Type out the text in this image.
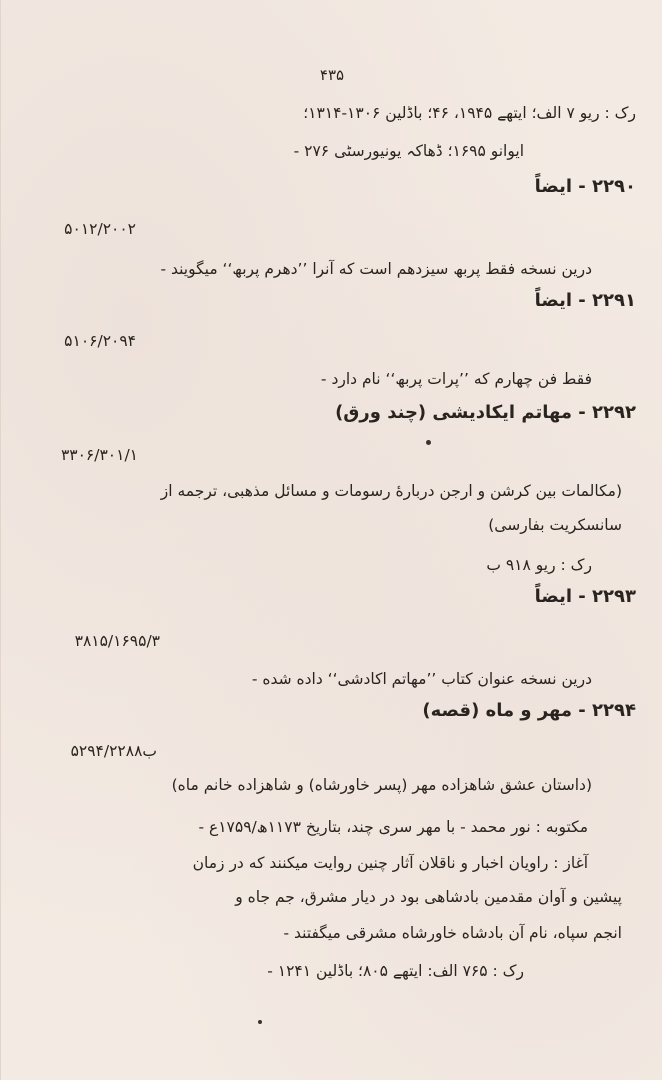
۴۳۵
رک : ریو ۷ الف؛ ایتھے ۱۹۴۵، ۴۶؛ باڈلین ۱۳۰۶-۱۳۱۴؛
ایوانو ۱۶۹۵؛ ڈھاکہ یونیورسٹی ۲۷۶ -
۲۲۹۰ - ایضاً
۵۰۱۲/۲۰۰۲
درین نسخه فقط پربھ سیزدھم است که آنرا ’’دھرم پربھ‘‘ میگویند -
۲۲۹۱ - ایضاً
۵۱۰۶/۲۰۹۴
فقط فن چھارم که ’’پرات پربھ‘‘ نام دارد -
۲۲۹۲ - مھاتم ایکادیشی (چند ورق)
۳۳۰۶/۳۰۱/۱
(مکالمات بین کرشن و ارجن دربارهٔ رسومات و مسائل مذھبی، ترجمه از
سانسکریت بفارسی)
رک : ریو ۹۱۸ ب
۲۲۹۳ - ایضاً
۳۸۱۵/۱۶۹۵/۳
درین نسخه عنوان کتاب ’’مھاتم اکادشی‘‘ داده شده -
۲۲۹۴ - مھر و ماه (قصه)
۵۲۹۴/۲۲۸۸ب
(داستان عشق شاھزاده مھر (پسر خاورشاه) و شاھزاده خانم ماه)
مکتوبه : نور محمد - با مھر سری چند، بتاریخ ۱۱۷۳ھ/۱۷۵۹ع -
آغاز : راویان اخبار و ناقلان آثار چنین روایت میکنند که در زمان
پیشین و آوان مقدمین بادشاھی بود در دیار مشرق، جم جاه و
انجم سپاه، نام آن بادشاه خاورشاه مشرقی میگفتند -
رک : ۷۶۵ الف: ایتھے ۸۰۵؛ باڈلین ۱۲۴۱ -
